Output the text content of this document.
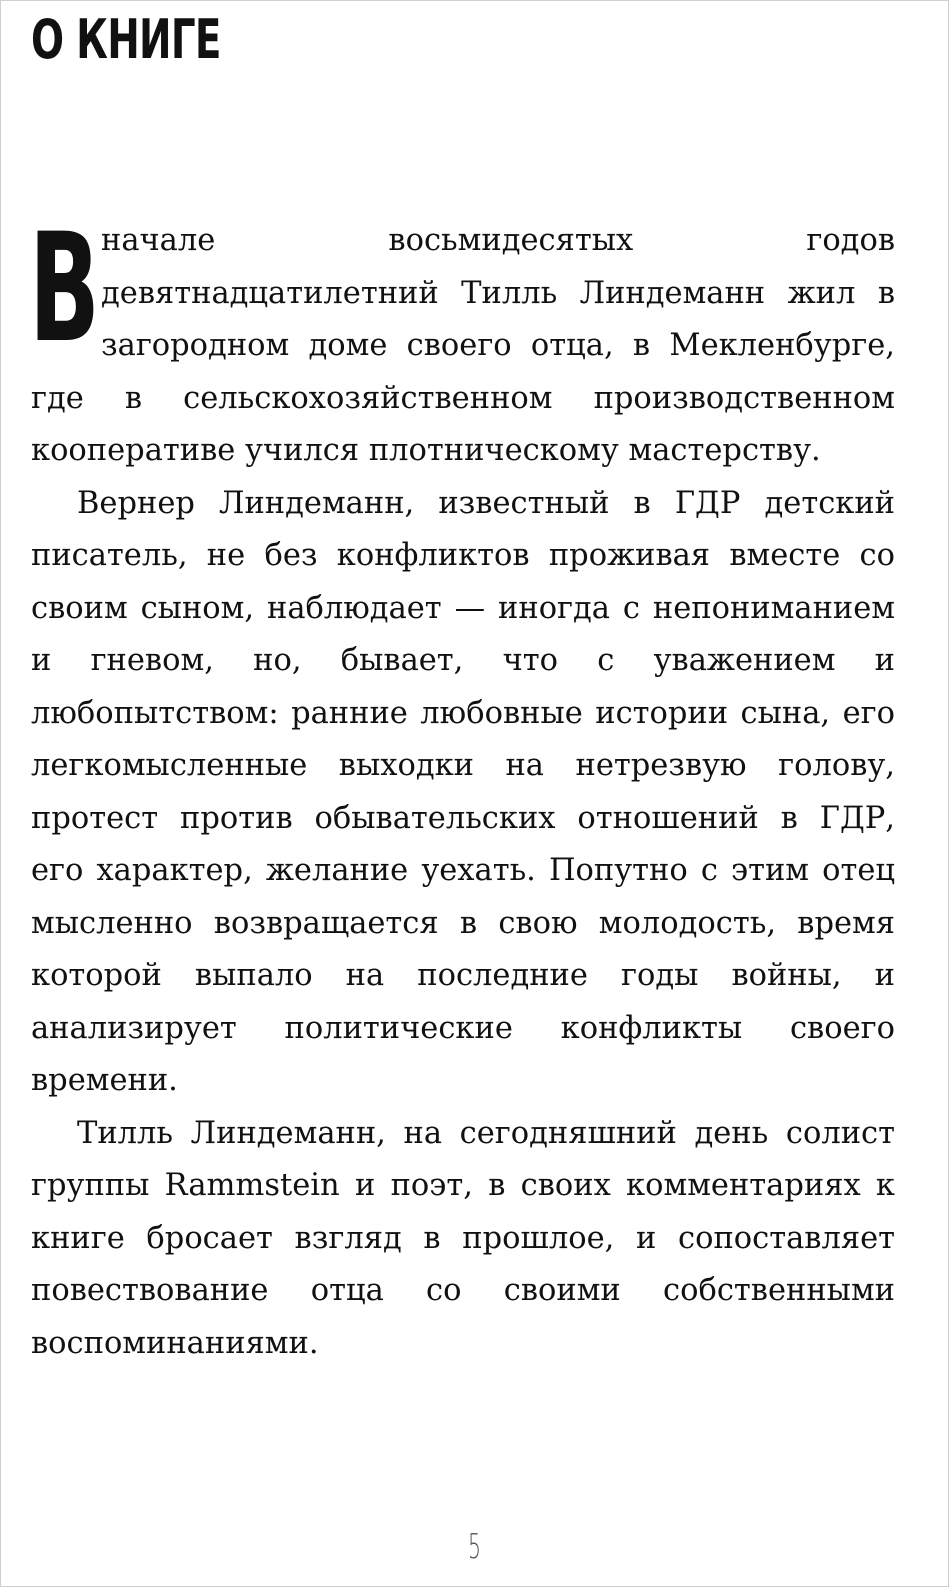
О КНИГЕ

Вначале восьмидесятых годов девятнадцатилетний Тилль Линдеманн жил в загородном доме своего отца, в Мекленбурге, где в сельскохозяйственном производственном кооперативе учился плотническому мастерству.

Вернер Линдеманн, известный в ГДР детский писатель, не без конфликтов проживая вместе со своим сыном, наблюдает — иногда с непониманием и гневом, но, бывает, что с уважением и любопытством: ранние любовные истории сына, его легкомысленные выходки на нетрезвую голову, протест против обывательских отношений в ГДР, его характер, желание уехать. Попутно с этим отец мысленно возвращается в свою молодость, время которой выпало на последние годы войны, и анализирует политические конфликты своего времени.

Тилль Линдеманн, на сегодняшний день солист группы Rammstein и поэт, в своих комментариях к книге бросает взгляд в прошлое, и сопоставляет повествование отца со своими собственными воспоминаниями.

5
